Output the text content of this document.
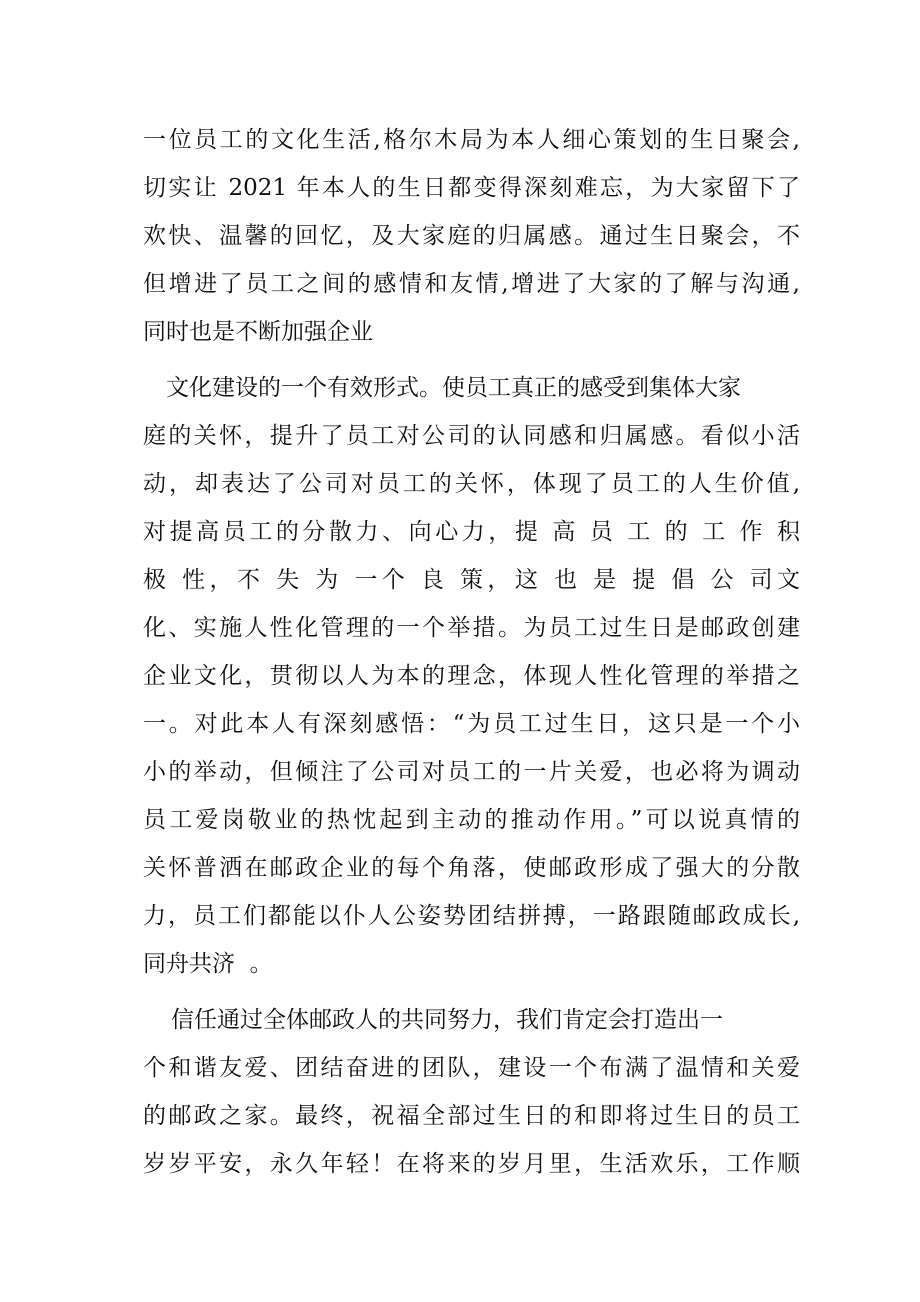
一位员工的文化生活,格尔木局为本人细心策划的生日聚会,
切实让 2021 年本人的生日都变得深刻难忘，为大家留下了
欢快、温馨的回忆，及大家庭的归属感。通过生日聚会，不
但增进了员工之间的感情和友情,增进了大家的了解与沟通,
同时也是不断加强企业
文化建设的一个有效形式。使员工真正的感受到集体大家
庭的关怀，提升了员工对公司的认同感和归属感。看似小活
动，却表达了公司对员工的关怀，体现了员工的人生价值,
对提高员工的分散力、向心力，提 高 员 工 的 工 作 积
极 性，不 失 为 一个 良 策，这 也 是 提 倡 公 司文
化、实施人性化管理的一个举措。为员工过生日是邮政创建
企业文化，贯彻以人为本的理念，体现人性化管理的举措之
一。对此本人有深刻感悟：“为员工过生日，这只是一个小
小的举动，但倾注了公司对员工的一片关爱，也必将为调动
员工爱岗敬业的热忱起到主动的推动作用。”可以说真情的
关怀普洒在邮政企业的每个角落，使邮政形成了强大的分散
力，员工们都能以仆人公姿势团结拼搏，一路跟随邮政成长,
同舟共济  。
信任通过全体邮政人的共同努力，我们肯定会打造出一
个和谐友爱、团结奋进的团队，建设一个布满了温情和关爱
的邮政之家。最终，祝福全部过生日的和即将过生日的员工
岁岁平安，永久年轻！在将来的岁月里，生活欢乐，工作顺
